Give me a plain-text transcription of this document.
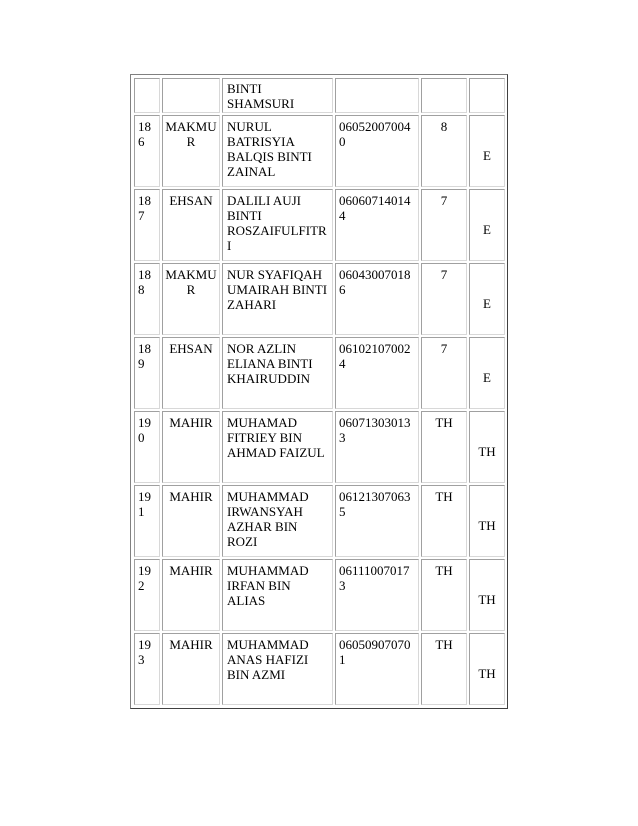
		BINTI SHAMSURI			
186	MAKMUR	NURUL BATRISYIA BALQIS BINTI ZAINAL	060520070040	8	E
187	EHSAN	DALILI AUJI BINTI ROSZAIFULFITRI	060607140144	7	E
188	MAKMUR	NUR SYAFIQAH UMAIRAH BINTI ZAHARI	060430070186	7	E
189	EHSAN	NOR AZLIN ELIANA BINTI KHAIRUDDIN	061021070024	7	E
190	MAHIR	MUHAMAD FITRIEY BIN AHMAD FAIZUL	060713030133	TH	TH
191	MAHIR	MUHAMMAD IRWANSYAH AZHAR BIN ROZI	061213070635	TH	TH
192	MAHIR	MUHAMMAD IRFAN BIN ALIAS	061110070173	TH	TH
193	MAHIR	MUHAMMAD ANAS HAFIZI BIN AZMI	060509070701	TH	TH
